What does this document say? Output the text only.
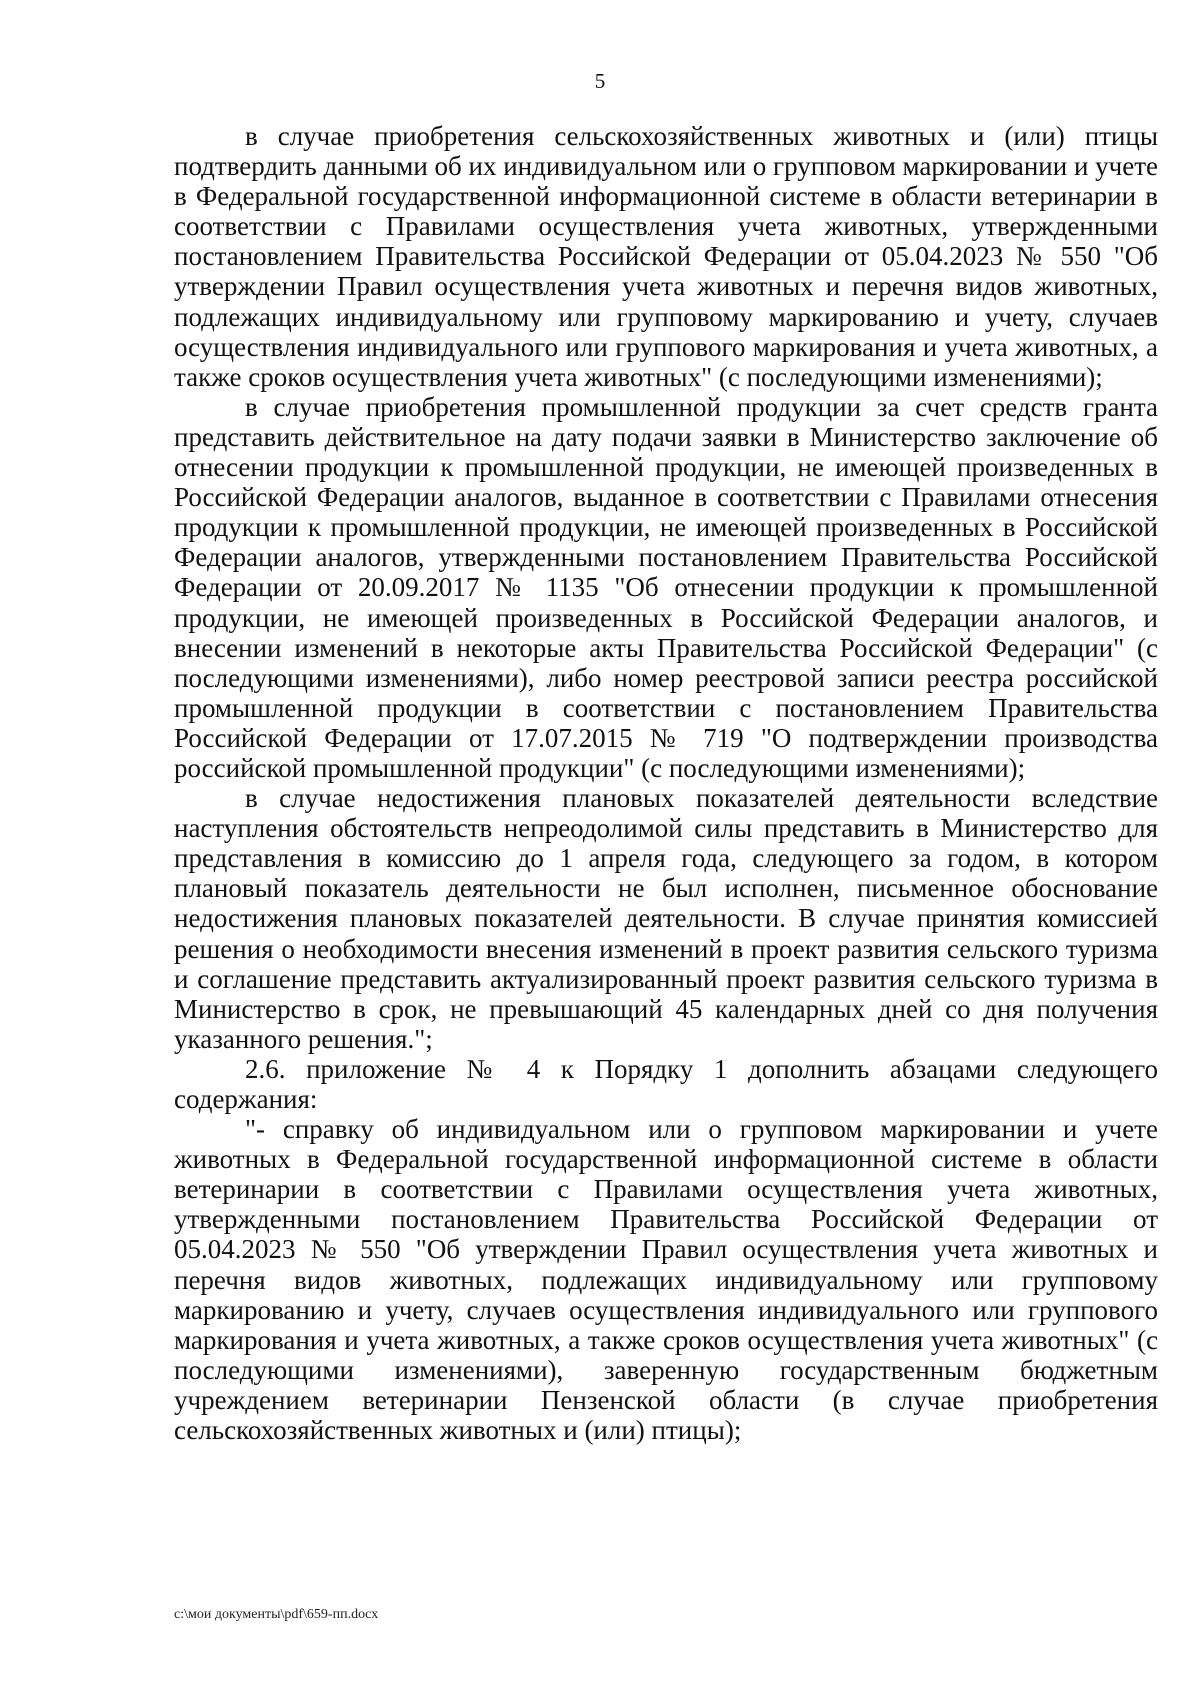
5

в случае приобретения сельскохозяйственных животных и (или) птицы подтвердить данными об их индивидуальном или о групповом маркировании и учете в Федеральной государственной информационной системе в области ветеринарии в соответствии с Правилами осуществления учета животных, утвержденными постановлением Правительства Российской Федерации от 05.04.2023 № 550 "Об утверждении Правил осуществления учета животных и перечня видов животных, подлежащих индивидуальному или групповому маркированию и учету, случаев осуществления индивидуального или группового маркирования и учета животных, а также сроков осуществления учета животных" (с последующими изменениями);

в случае приобретения промышленной продукции за счет средств гранта представить действительное на дату подачи заявки в Министерство заключение об отнесении продукции к промышленной продукции, не имеющей произведенных в Российской Федерации аналогов, выданное в соответствии с Правилами отнесения продукции к промышленной продукции, не имеющей произведенных в Российской Федерации аналогов, утвержденными постановлением Правительства Российской Федерации от 20.09.2017 № 1135 "Об отнесении продукции к промышленной продукции, не имеющей произведенных в Российской Федерации аналогов, и внесении изменений в некоторые акты Правительства Российской Федерации" (с последующими изменениями), либо номер реестровой записи реестра российской промышленной продукции в соответствии с постановлением Правительства Российской Федерации от 17.07.2015 № 719 "О подтверждении производства российской промышленной продукции" (с последующими изменениями);

в случае недостижения плановых показателей деятельности вследствие наступления обстоятельств непреодолимой силы представить в Министерство для представления в комиссию до 1 апреля года, следующего за годом, в котором плановый показатель деятельности не был исполнен, письменное обоснование недостижения плановых показателей деятельности. В случае принятия комиссией решения о необходимости внесения изменений в проект развития сельского туризма и соглашение представить актуализированный проект развития сельского туризма в Министерство в срок, не превышающий 45 календарных дней со дня получения указанного решения.";

2.6. приложение № 4 к Порядку 1 дополнить абзацами следующего содержания:

"- справку об индивидуальном или о групповом маркировании и учете животных в Федеральной государственной информационной системе в области ветеринарии в соответствии с Правилами осуществления учета животных, утвержденными постановлением Правительства Российской Федерации от 05.04.2023 № 550 "Об утверждении Правил осуществления учета животных и перечня видов животных, подлежащих индивидуальному или групповому маркированию и учету, случаев осуществления индивидуального или группового маркирования и учета животных, а также сроков осуществления учета животных" (с последующими изменениями), заверенную государственным бюджетным учреждением ветеринарии Пензенской области (в случае приобретения сельскохозяйственных животных и (или) птицы);

c:\мои документы\pdf\659-пп.docx
